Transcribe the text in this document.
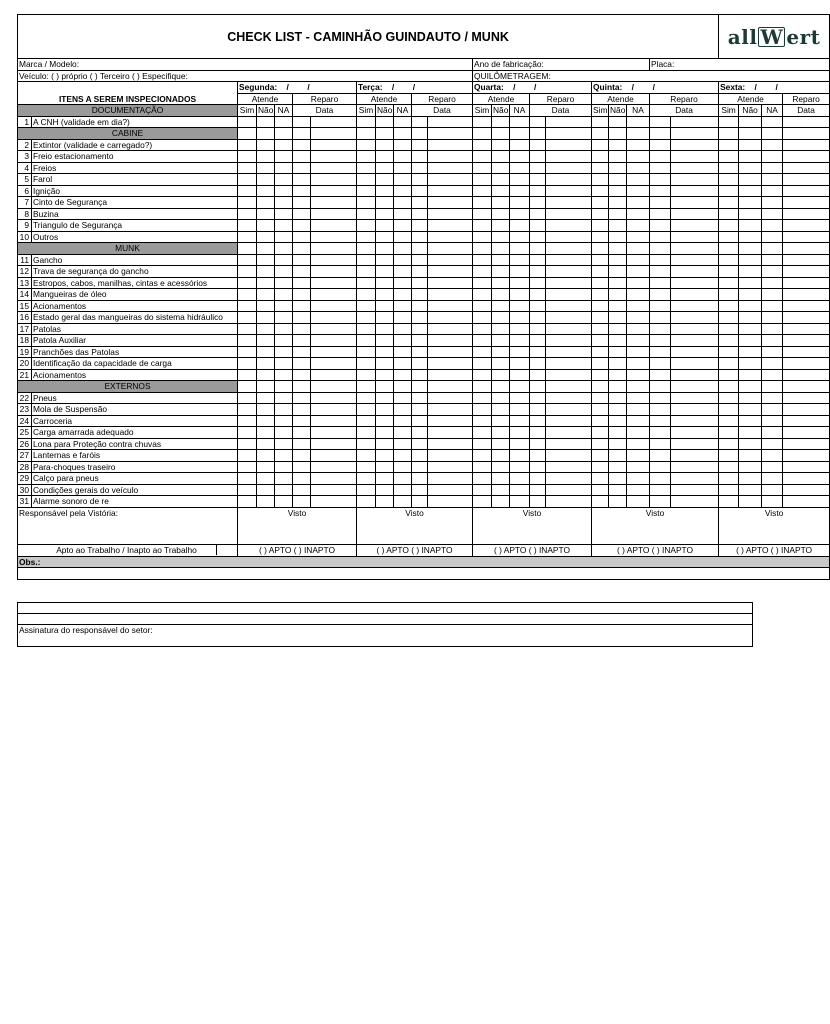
CHECK LIST - CAMINHÃO GUINDAUTO / MUNK																						all W ert				

Marca / Modelo:												Ano de fabricação:								Placa:						
Veículo: ( ) próprio ( ) Terceiro ( ) Especifique:												QUILÔMETRAGEM:														
		Segunda: /        /					Terça: /        /					Quarta: /        /					Quinta: /        /					Sexta: /        /				
ITENS A SEREM INSPECIONADOS		Atende			Reparo		Atende			Reparo		Atende			Reparo		Atende			Reparo		Atende			Reparo	
DOCUMENTAÇÃO		Sim	Não	NA	Data		Sim	Não	NA	Data		Sim	Não	NA	Data		Sim	Não	NA	Data		Sim	Não	NA	Data	
1	A CNH (validade em dia?)																									
CABINE																										
2	Extintor (validade e carregado?)																									
3	Freio estacionamento																									
4	Freios																									
5	Farol																									
6	Ignição																									
7	Cinto de Segurança																									
8	Buzina																									
9	Triangulo de Segurança																									
10	Outros																									
MUNK																										
11	Gancho																									
12	Trava de segurança do gancho																									
13	Estropos, cabos, manilhas, cintas e acessórios																									
14	Mangueiras de óleo																									
15	Acionamentos																									
16	Estado geral das mangueiras do sistema hidráulico																									
17	Patolas																									
18	Patola Auxiliar																									
19	Pranchões das Patolas																									
20	Identificação da capacidade de carga																									
21	Acionamentos																									
EXTERNOS																										
22	Pneus																									
23	Mola de Suspensão																									
24	Carroceria																									
25	Carga amarrada adequado																									
26	Lona para Proteção contra chuvas																									
27	Lanternas e faróis																									
28	Para-choques traseiro																									
29	Calço para pneus																									
30	Condições gerais do veículo																									
31	Alarme sonoro de re																									
Responsável pela Vistória:		Visto					Visto					Visto					Visto					Visto				

Apto ao Trabalho / Inapto ao Trabalho		( ) APTO ( ) INAPTO					( ) APTO ( ) INAPTO					( ) APTO ( ) INAPTO					( ) APTO ( ) INAPTO					( ) APTO ( ) INAPTO				
Obs.:																										

Assinatura do responsável do setor:
